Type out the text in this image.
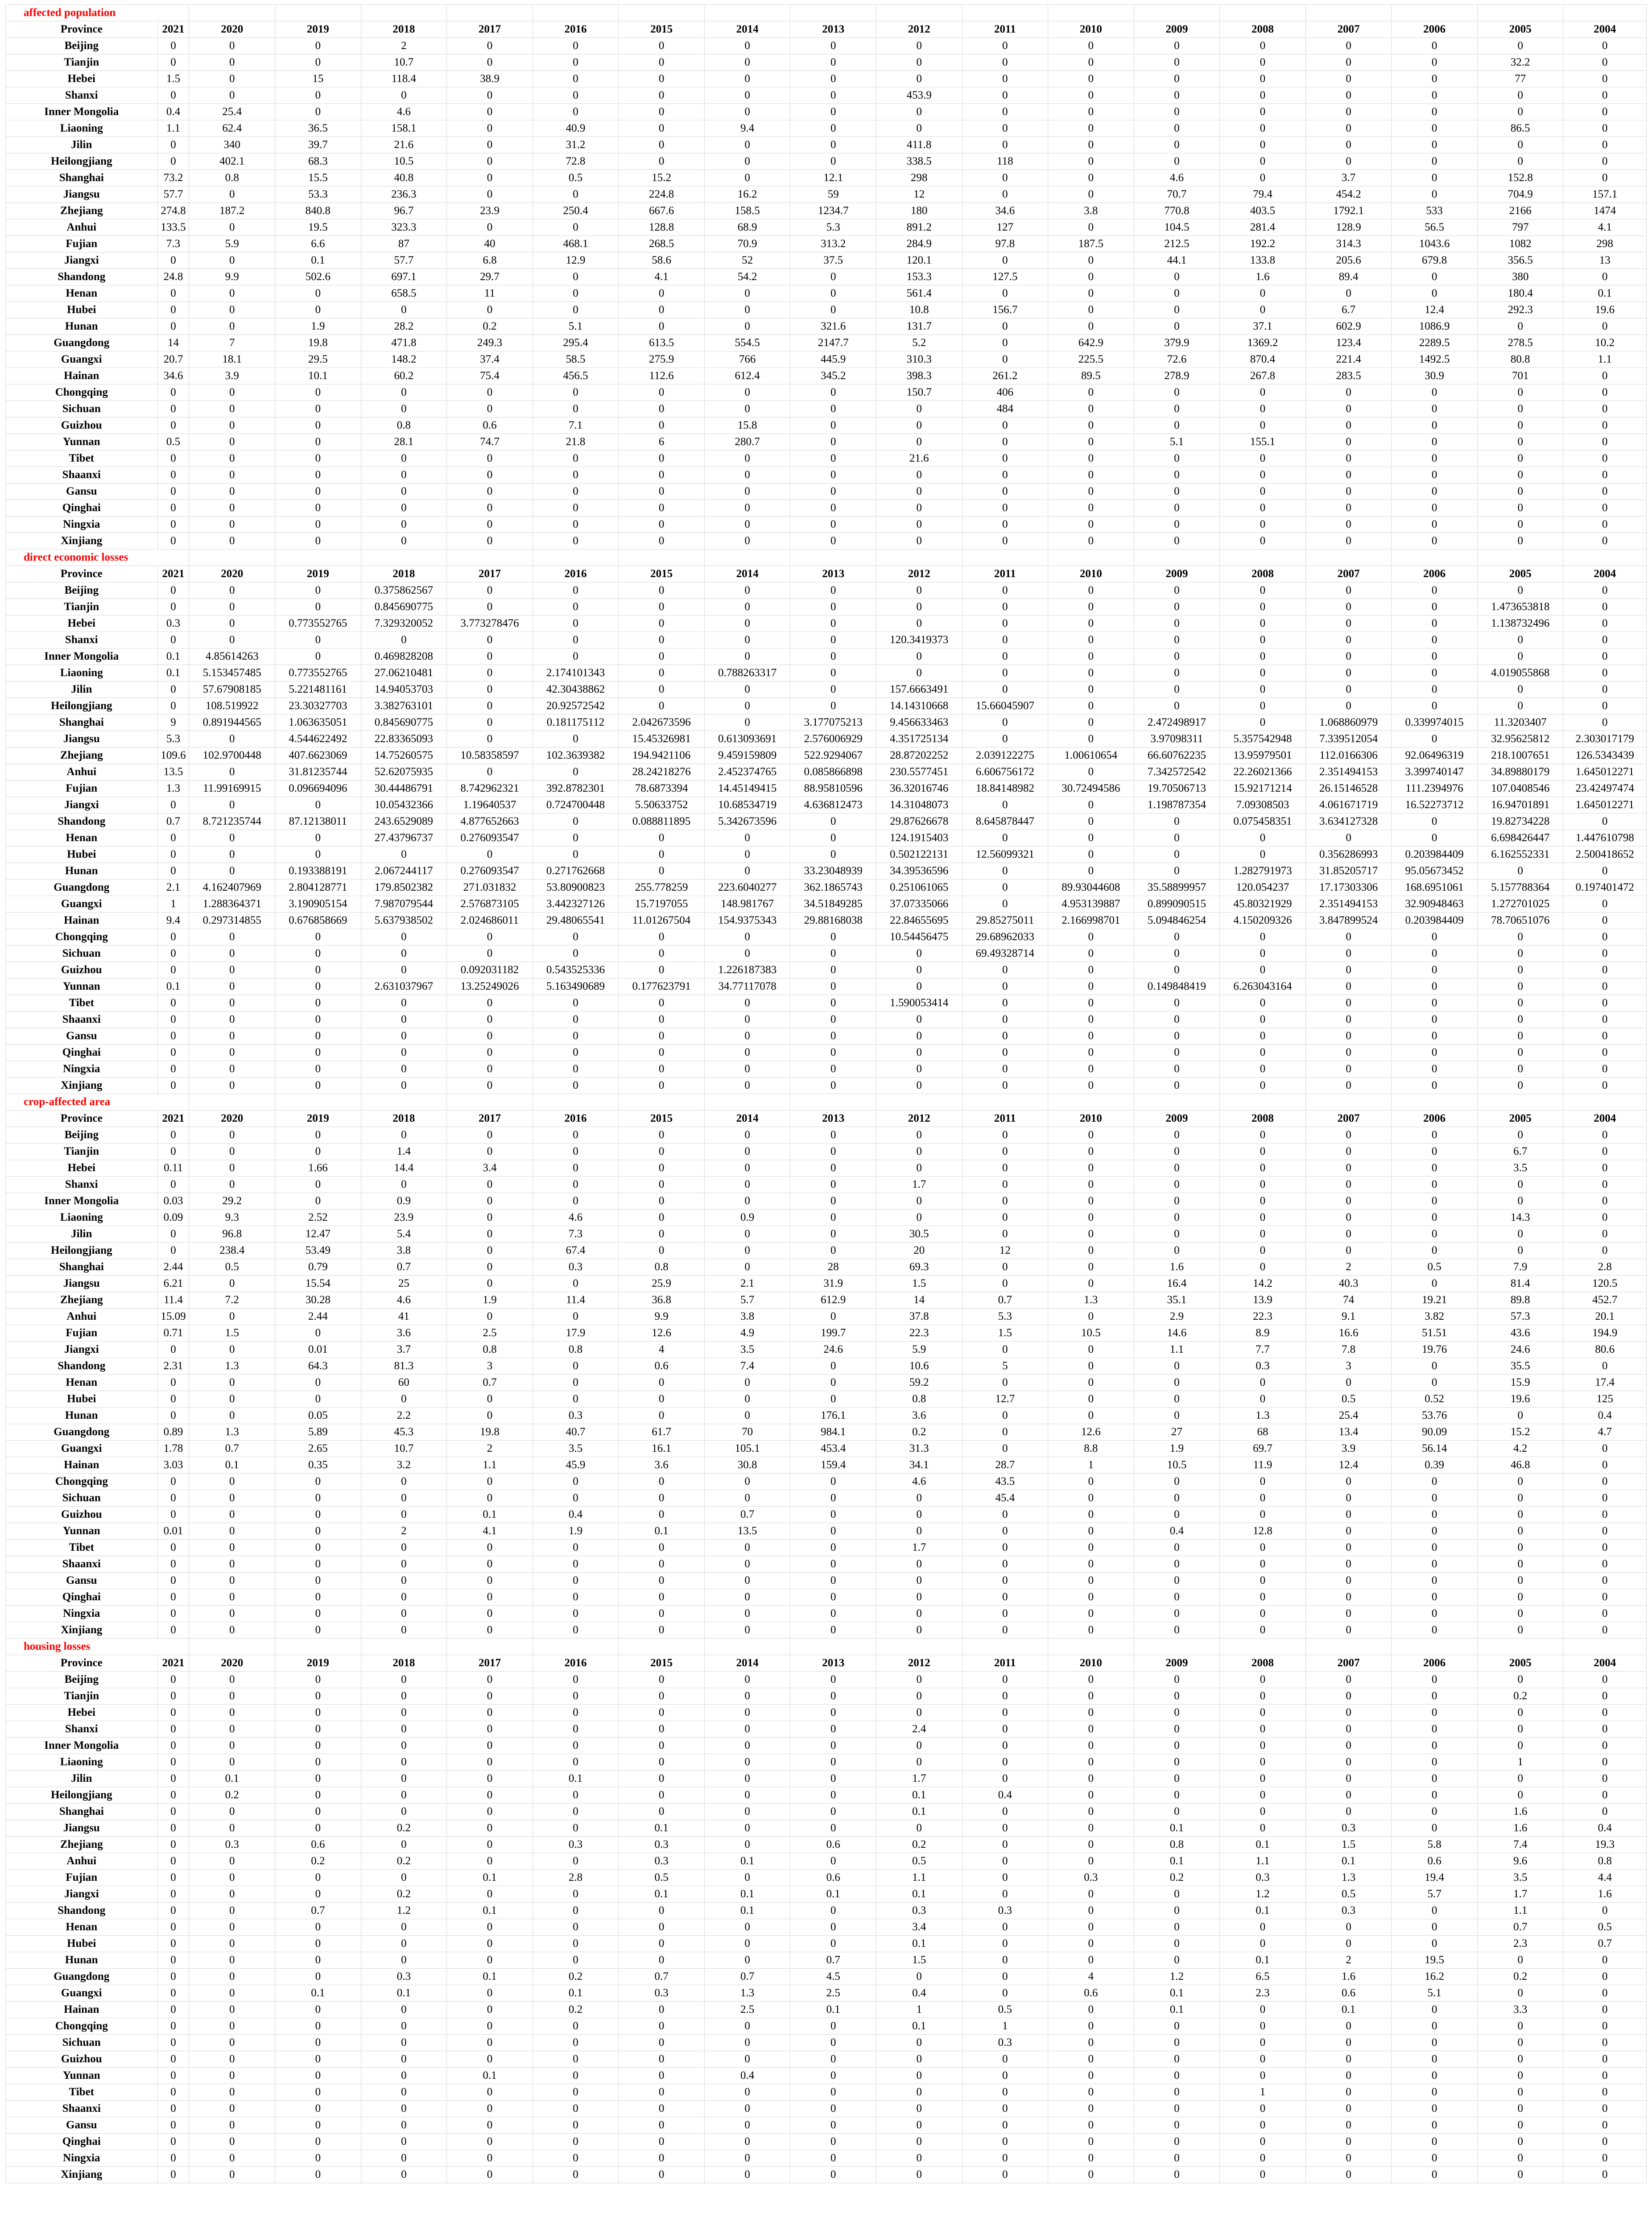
affected population																		
Province	2021	2020	2019	2018	2017	2016	2015	2014	2013	2012	2011	2010	2009	2008	2007	2006	2005	2004
Beijing	0	0	0	2	0	0	0	0	0	0	0	0	0	0	0	0	0	0
Tianjin	0	0	0	10.7	0	0	0	0	0	0	0	0	0	0	0	0	32.2	0
Hebei	1.5	0	15	118.4	38.9	0	0	0	0	0	0	0	0	0	0	0	77	0
Shanxi	0	0	0	0	0	0	0	0	0	453.9	0	0	0	0	0	0	0	0
Inner Mongolia	0.4	25.4	0	4.6	0	0	0	0	0	0	0	0	0	0	0	0	0	0
Liaoning	1.1	62.4	36.5	158.1	0	40.9	0	9.4	0	0	0	0	0	0	0	0	86.5	0
Jilin	0	340	39.7	21.6	0	31.2	0	0	0	411.8	0	0	0	0	0	0	0	0
Heilongjiang	0	402.1	68.3	10.5	0	72.8	0	0	0	338.5	118	0	0	0	0	0	0	0
Shanghai	73.2	0.8	15.5	40.8	0	0.5	15.2	0	12.1	298	0	0	4.6	0	3.7	0	152.8	0
Jiangsu	57.7	0	53.3	236.3	0	0	224.8	16.2	59	12	0	0	70.7	79.4	454.2	0	704.9	157.1
Zhejiang	274.8	187.2	840.8	96.7	23.9	250.4	667.6	158.5	1234.7	180	34.6	3.8	770.8	403.5	1792.1	533	2166	1474
Anhui	133.5	0	19.5	323.3	0	0	128.8	68.9	5.3	891.2	127	0	104.5	281.4	128.9	56.5	797	4.1
Fujian	7.3	5.9	6.6	87	40	468.1	268.5	70.9	313.2	284.9	97.8	187.5	212.5	192.2	314.3	1043.6	1082	298
Jiangxi	0	0	0.1	57.7	6.8	12.9	58.6	52	37.5	120.1	0	0	44.1	133.8	205.6	679.8	356.5	13
Shandong	24.8	9.9	502.6	697.1	29.7	0	4.1	54.2	0	153.3	127.5	0	0	1.6	89.4	0	380	0
Henan	0	0	0	658.5	11	0	0	0	0	561.4	0	0	0	0	0	0	180.4	0.1
Hubei	0	0	0	0	0	0	0	0	0	10.8	156.7	0	0	0	6.7	12.4	292.3	19.6
Hunan	0	0	1.9	28.2	0.2	5.1	0	0	321.6	131.7	0	0	0	37.1	602.9	1086.9	0	0
Guangdong	14	7	19.8	471.8	249.3	295.4	613.5	554.5	2147.7	5.2	0	642.9	379.9	1369.2	123.4	2289.5	278.5	10.2
Guangxi	20.7	18.1	29.5	148.2	37.4	58.5	275.9	766	445.9	310.3	0	225.5	72.6	870.4	221.4	1492.5	80.8	1.1
Hainan	34.6	3.9	10.1	60.2	75.4	456.5	112.6	612.4	345.2	398.3	261.2	89.5	278.9	267.8	283.5	30.9	701	0
Chongqing	0	0	0	0	0	0	0	0	0	150.7	406	0	0	0	0	0	0	0
Sichuan	0	0	0	0	0	0	0	0	0	0	484	0	0	0	0	0	0	0
Guizhou	0	0	0	0.8	0.6	7.1	0	15.8	0	0	0	0	0	0	0	0	0	0
Yunnan	0.5	0	0	28.1	74.7	21.8	6	280.7	0	0	0	0	5.1	155.1	0	0	0	0
Tibet	0	0	0	0	0	0	0	0	0	21.6	0	0	0	0	0	0	0	0
Shaanxi	0	0	0	0	0	0	0	0	0	0	0	0	0	0	0	0	0	0
Gansu	0	0	0	0	0	0	0	0	0	0	0	0	0	0	0	0	0	0
Qinghai	0	0	0	0	0	0	0	0	0	0	0	0	0	0	0	0	0	0
Ningxia	0	0	0	0	0	0	0	0	0	0	0	0	0	0	0	0	0	0
Xinjiang	0	0	0	0	0	0	0	0	0	0	0	0	0	0	0	0	0	0
direct economic losses																		
Province	2021	2020	2019	2018	2017	2016	2015	2014	2013	2012	2011	2010	2009	2008	2007	2006	2005	2004
Beijing	0	0	0	0.375862567	0	0	0	0	0	0	0	0	0	0	0	0	0	0
Tianjin	0	0	0	0.845690775	0	0	0	0	0	0	0	0	0	0	0	0	1.473653818	0
Hebei	0.3	0	0.773552765	7.329320052	3.773278476	0	0	0	0	0	0	0	0	0	0	0	1.138732496	0
Shanxi	0	0	0	0	0	0	0	0	0	120.3419373	0	0	0	0	0	0	0	0
Inner Mongolia	0.1	4.85614263	0	0.469828208	0	0	0	0	0	0	0	0	0	0	0	0	0	0
Liaoning	0.1	5.153457485	0.773552765	27.06210481	0	2.174101343	0	0.788263317	0	0	0	0	0	0	0	0	4.019055868	0
Jilin	0	57.67908185	5.221481161	14.94053703	0	42.30438862	0	0	0	157.6663491	0	0	0	0	0	0	0	0
Heilongjiang	0	108.519922	23.30327703	3.382763101	0	20.92572542	0	0	0	14.14310668	15.66045907	0	0	0	0	0	0	0
Shanghai	9	0.891944565	1.063635051	0.845690775	0	0.181175112	2.042673596	0	3.177075213	9.456633463	0	0	2.472498917	0	1.068860979	0.339974015	11.3203407	0
Jiangsu	5.3	0	4.544622492	22.83365093	0	0	15.45326981	0.613093691	2.576006929	4.351725134	0	0	3.97098311	5.357542948	7.339512054	0	32.95625812	2.303017179
Zhejiang	109.6	102.9700448	407.6623069	14.75260575	10.58358597	102.3639382	194.9421106	9.459159809	522.9294067	28.87202252	2.039122275	1.00610654	66.60762235	13.95979501	112.0166306	92.06496319	218.1007651	126.5343439
Anhui	13.5	0	31.81235744	52.62075935	0	0	28.24218276	2.452374765	0.085866898	230.5577451	6.606756172	0	7.342572542	22.26021366	2.351494153	3.399740147	34.89880179	1.645012271
Fujian	1.3	11.99169915	0.096694096	30.44486791	8.742962321	392.8782301	78.6873394	14.45149415	88.95810596	36.32016746	18.84148982	30.72494586	19.70506713	15.92171214	26.15146528	111.2394976	107.0408546	23.42497474
Jiangxi	0	0	0	10.05432366	1.19640537	0.724700448	5.50633752	10.68534719	4.636812473	14.31048073	0	0	1.198787354	7.09308503	4.061671719	16.52273712	16.94701891	1.645012271
Shandong	0.7	8.721235744	87.12138011	243.6529089	4.877652663	0	0.088811895	5.342673596	0	29.87626678	8.645878447	0	0	0.075458351	3.634127328	0	19.82734228	0
Henan	0	0	0	27.43796737	0.276093547	0	0	0	0	124.1915403	0	0	0	0	0	0	6.698426447	1.447610798
Hubei	0	0	0	0	0	0	0	0	0	0.502122131	12.56099321	0	0	0	0.356286993	0.203984409	6.162552331	2.500418652
Hunan	0	0	0.193388191	2.067244117	0.276093547	0.271762668	0	0	33.23048939	34.39536596	0	0	0	1.282791973	31.85205717	95.05673452	0	0
Guangdong	2.1	4.162407969	2.804128771	179.8502382	271.031832	53.80900823	255.778259	223.6040277	362.1865743	0.251061065	0	89.93044608	35.58899957	120.054237	17.17303306	168.6951061	5.157788364	0.197401472
Guangxi	1	1.288364371	3.190905154	7.987079544	2.576873105	3.442327126	15.7197055	148.981767	34.51849285	37.07335066	0	4.953139887	0.899090515	45.80321929	2.351494153	32.90948463	1.272701025	0
Hainan	9.4	0.297314855	0.676858669	5.637938502	2.024686011	29.48065541	11.01267504	154.9375343	29.88168038	22.84655695	29.85275011	2.166998701	5.094846254	4.150209326	3.847899524	0.203984409	78.70651076	0
Chongqing	0	0	0	0	0	0	0	0	0	10.54456475	29.68962033	0	0	0	0	0	0	0
Sichuan	0	0	0	0	0	0	0	0	0	0	69.49328714	0	0	0	0	0	0	0
Guizhou	0	0	0	0	0.092031182	0.543525336	0	1.226187383	0	0	0	0	0	0	0	0	0	0
Yunnan	0.1	0	0	2.631037967	13.25249026	5.163490689	0.177623791	34.77117078	0	0	0	0	0.149848419	6.263043164	0	0	0	0
Tibet	0	0	0	0	0	0	0	0	0	1.590053414	0	0	0	0	0	0	0	0
Shaanxi	0	0	0	0	0	0	0	0	0	0	0	0	0	0	0	0	0	0
Gansu	0	0	0	0	0	0	0	0	0	0	0	0	0	0	0	0	0	0
Qinghai	0	0	0	0	0	0	0	0	0	0	0	0	0	0	0	0	0	0
Ningxia	0	0	0	0	0	0	0	0	0	0	0	0	0	0	0	0	0	0
Xinjiang	0	0	0	0	0	0	0	0	0	0	0	0	0	0	0	0	0	0
crop-affected area																		
Province	2021	2020	2019	2018	2017	2016	2015	2014	2013	2012	2011	2010	2009	2008	2007	2006	2005	2004
Beijing	0	0	0	0	0	0	0	0	0	0	0	0	0	0	0	0	0	0
Tianjin	0	0	0	1.4	0	0	0	0	0	0	0	0	0	0	0	0	6.7	0
Hebei	0.11	0	1.66	14.4	3.4	0	0	0	0	0	0	0	0	0	0	0	3.5	0
Shanxi	0	0	0	0	0	0	0	0	0	1.7	0	0	0	0	0	0	0	0
Inner Mongolia	0.03	29.2	0	0.9	0	0	0	0	0	0	0	0	0	0	0	0	0	0
Liaoning	0.09	9.3	2.52	23.9	0	4.6	0	0.9	0	0	0	0	0	0	0	0	14.3	0
Jilin	0	96.8	12.47	5.4	0	7.3	0	0	0	30.5	0	0	0	0	0	0	0	0
Heilongjiang	0	238.4	53.49	3.8	0	67.4	0	0	0	20	12	0	0	0	0	0	0	0
Shanghai	2.44	0.5	0.79	0.7	0	0.3	0.8	0	28	69.3	0	0	1.6	0	2	0.5	7.9	2.8
Jiangsu	6.21	0	15.54	25	0	0	25.9	2.1	31.9	1.5	0	0	16.4	14.2	40.3	0	81.4	120.5
Zhejiang	11.4	7.2	30.28	4.6	1.9	11.4	36.8	5.7	612.9	14	0.7	1.3	35.1	13.9	74	19.21	89.8	452.7
Anhui	15.09	0	2.44	41	0	0	9.9	3.8	0	37.8	5.3	0	2.9	22.3	9.1	3.82	57.3	20.1
Fujian	0.71	1.5	0	3.6	2.5	17.9	12.6	4.9	199.7	22.3	1.5	10.5	14.6	8.9	16.6	51.51	43.6	194.9
Jiangxi	0	0	0.01	3.7	0.8	0.8	4	3.5	24.6	5.9	0	0	1.1	7.7	7.8	19.76	24.6	80.6
Shandong	2.31	1.3	64.3	81.3	3	0	0.6	7.4	0	10.6	5	0	0	0.3	3	0	35.5	0
Henan	0	0	0	60	0.7	0	0	0	0	59.2	0	0	0	0	0	0	15.9	17.4
Hubei	0	0	0	0	0	0	0	0	0	0.8	12.7	0	0	0	0.5	0.52	19.6	125
Hunan	0	0	0.05	2.2	0	0.3	0	0	176.1	3.6	0	0	0	1.3	25.4	53.76	0	0.4
Guangdong	0.89	1.3	5.89	45.3	19.8	40.7	61.7	70	984.1	0.2	0	12.6	27	68	13.4	90.09	15.2	4.7
Guangxi	1.78	0.7	2.65	10.7	2	3.5	16.1	105.1	453.4	31.3	0	8.8	1.9	69.7	3.9	56.14	4.2	0
Hainan	3.03	0.1	0.35	3.2	1.1	45.9	3.6	30.8	159.4	34.1	28.7	1	10.5	11.9	12.4	0.39	46.8	0
Chongqing	0	0	0	0	0	0	0	0	0	4.6	43.5	0	0	0	0	0	0	0
Sichuan	0	0	0	0	0	0	0	0	0	0	45.4	0	0	0	0	0	0	0
Guizhou	0	0	0	0	0.1	0.4	0	0.7	0	0	0	0	0	0	0	0	0	0
Yunnan	0.01	0	0	2	4.1	1.9	0.1	13.5	0	0	0	0	0.4	12.8	0	0	0	0
Tibet	0	0	0	0	0	0	0	0	0	1.7	0	0	0	0	0	0	0	0
Shaanxi	0	0	0	0	0	0	0	0	0	0	0	0	0	0	0	0	0	0
Gansu	0	0	0	0	0	0	0	0	0	0	0	0	0	0	0	0	0	0
Qinghai	0	0	0	0	0	0	0	0	0	0	0	0	0	0	0	0	0	0
Ningxia	0	0	0	0	0	0	0	0	0	0	0	0	0	0	0	0	0	0
Xinjiang	0	0	0	0	0	0	0	0	0	0	0	0	0	0	0	0	0	0
housing losses																		
Province	2021	2020	2019	2018	2017	2016	2015	2014	2013	2012	2011	2010	2009	2008	2007	2006	2005	2004
Beijing	0	0	0	0	0	0	0	0	0	0	0	0	0	0	0	0	0	0
Tianjin	0	0	0	0	0	0	0	0	0	0	0	0	0	0	0	0	0.2	0
Hebei	0	0	0	0	0	0	0	0	0	0	0	0	0	0	0	0	0	0
Shanxi	0	0	0	0	0	0	0	0	0	2.4	0	0	0	0	0	0	0	0
Inner Mongolia	0	0	0	0	0	0	0	0	0	0	0	0	0	0	0	0	0	0
Liaoning	0	0	0	0	0	0	0	0	0	0	0	0	0	0	0	0	1	0
Jilin	0	0.1	0	0	0	0.1	0	0	0	1.7	0	0	0	0	0	0	0	0
Heilongjiang	0	0.2	0	0	0	0	0	0	0	0.1	0.4	0	0	0	0	0	0	0
Shanghai	0	0	0	0	0	0	0	0	0	0.1	0	0	0	0	0	0	1.6	0
Jiangsu	0	0	0	0.2	0	0	0.1	0	0	0	0	0	0.1	0	0.3	0	1.6	0.4
Zhejiang	0	0.3	0.6	0	0	0.3	0.3	0	0.6	0.2	0	0	0.8	0.1	1.5	5.8	7.4	19.3
Anhui	0	0	0.2	0.2	0	0	0.3	0.1	0	0.5	0	0	0.1	1.1	0.1	0.6	9.6	0.8
Fujian	0	0	0	0	0.1	2.8	0.5	0	0.6	1.1	0	0.3	0.2	0.3	1.3	19.4	3.5	4.4
Jiangxi	0	0	0	0.2	0	0	0.1	0.1	0.1	0.1	0	0	0	1.2	0.5	5.7	1.7	1.6
Shandong	0	0	0.7	1.2	0.1	0	0	0.1	0	0.3	0.3	0	0	0.1	0.3	0	1.1	0
Henan	0	0	0	0	0	0	0	0	0	3.4	0	0	0	0	0	0	0.7	0.5
Hubei	0	0	0	0	0	0	0	0	0	0.1	0	0	0	0	0	0	2.3	0.7
Hunan	0	0	0	0	0	0	0	0	0.7	1.5	0	0	0	0.1	2	19.5	0	0
Guangdong	0	0	0	0.3	0.1	0.2	0.7	0.7	4.5	0	0	4	1.2	6.5	1.6	16.2	0.2	0
Guangxi	0	0	0.1	0.1	0	0.1	0.3	1.3	2.5	0.4	0	0.6	0.1	2.3	0.6	5.1	0	0
Hainan	0	0	0	0	0	0.2	0	2.5	0.1	1	0.5	0	0.1	0	0.1	0	3.3	0
Chongqing	0	0	0	0	0	0	0	0	0	0.1	1	0	0	0	0	0	0	0
Sichuan	0	0	0	0	0	0	0	0	0	0	0.3	0	0	0	0	0	0	0
Guizhou	0	0	0	0	0	0	0	0	0	0	0	0	0	0	0	0	0	0
Yunnan	0	0	0	0	0.1	0	0	0.4	0	0	0	0	0	0	0	0	0	0
Tibet	0	0	0	0	0	0	0	0	0	0	0	0	0	1	0	0	0	0
Shaanxi	0	0	0	0	0	0	0	0	0	0	0	0	0	0	0	0	0	0
Gansu	0	0	0	0	0	0	0	0	0	0	0	0	0	0	0	0	0	0
Qinghai	0	0	0	0	0	0	0	0	0	0	0	0	0	0	0	0	0	0
Ningxia	0	0	0	0	0	0	0	0	0	0	0	0	0	0	0	0	0	0
Xinjiang	0	0	0	0	0	0	0	0	0	0	0	0	0	0	0	0	0	0
